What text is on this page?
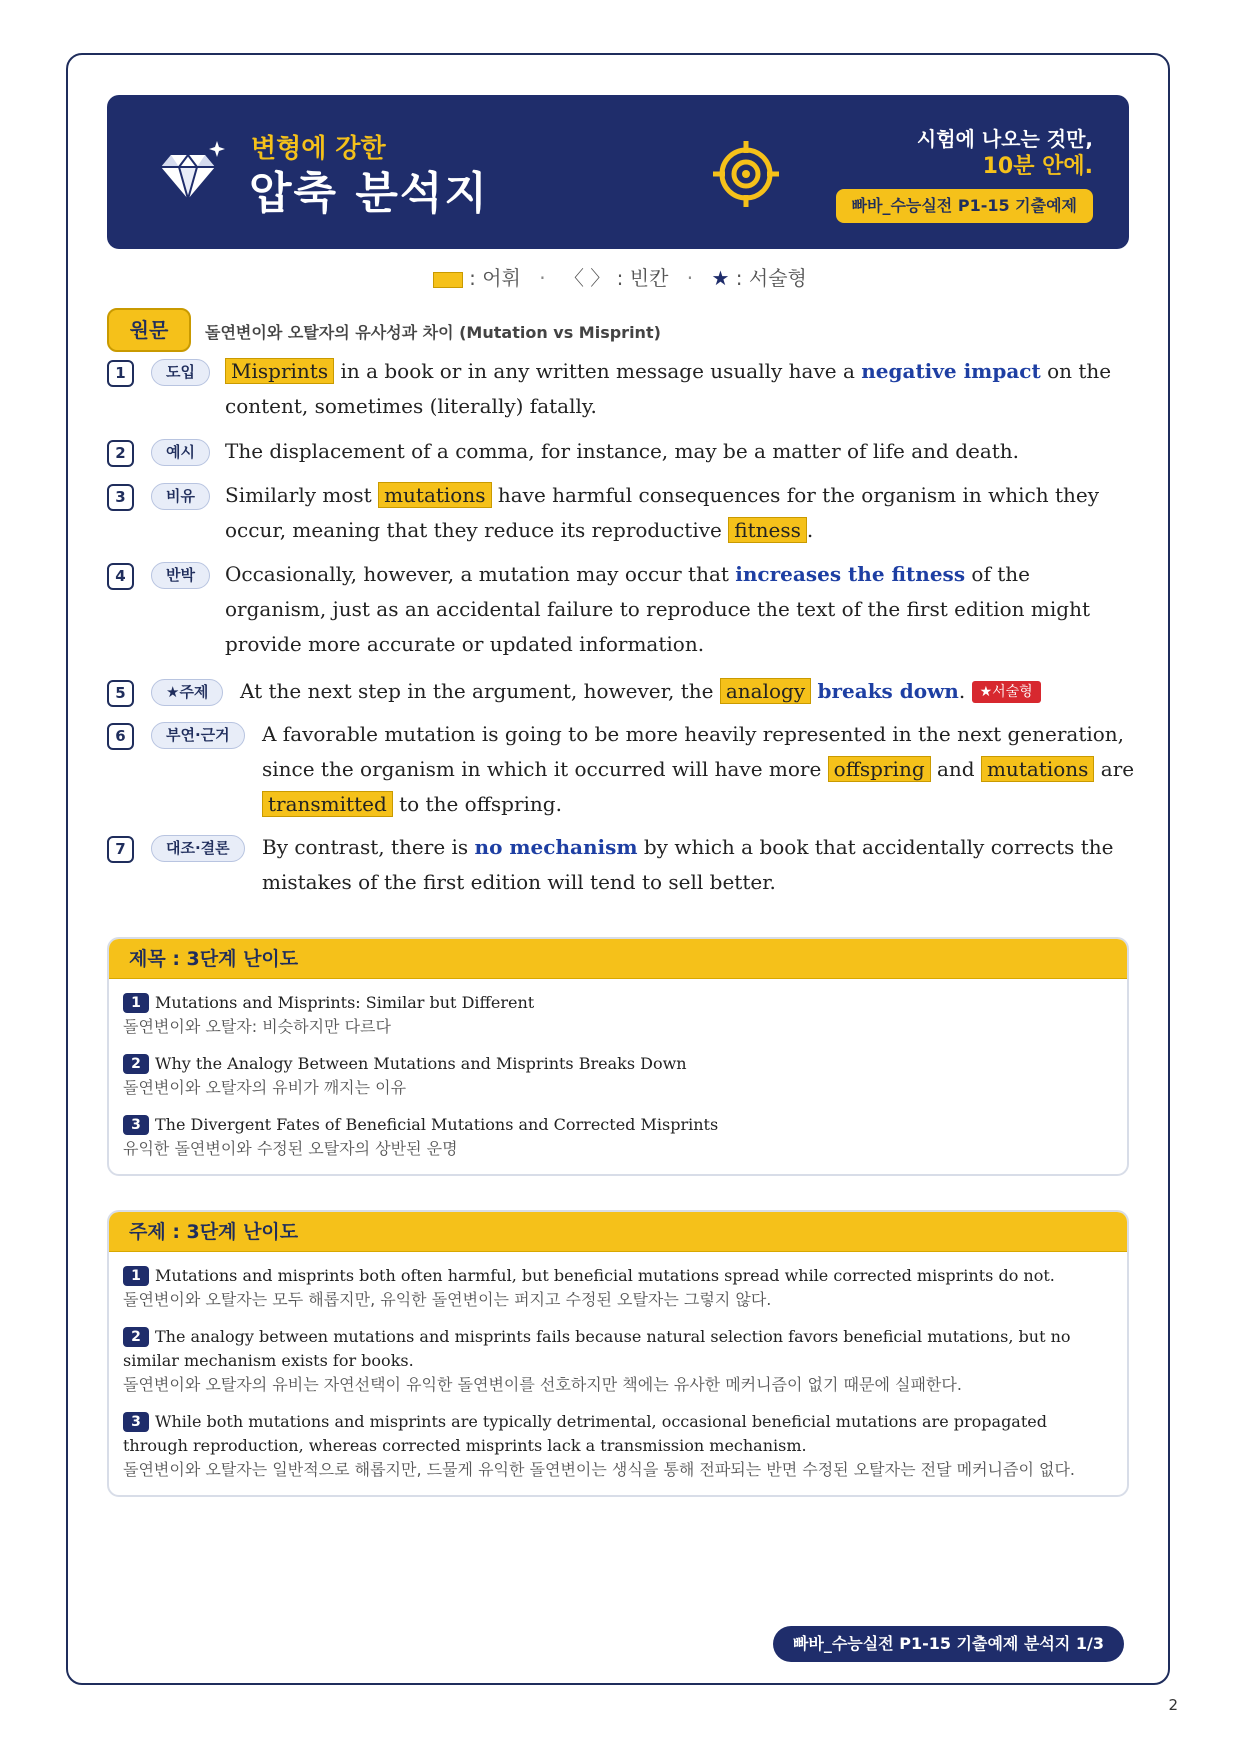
변형에 강한
압축 분석지
시험에 나오는 것만,
10분 안에.
빠바_수능실전 P1-15 기출예제
: 어휘 · 〈 〉 : 빈칸 · ★ : 서술형
원문	돌연변이와 오탈자의 유사성과 차이 (Mutation vs Misprint)
1	도입	Misprints in a book or in any written message usually have a negative impact on the content, sometimes (literally) fatally.
2	예시	The displacement of a comma, for instance, may be a matter of life and death.
3	비유	Similarly most mutations have harmful consequences for the organism in which they occur, meaning that they reduce its reproductive fitness .
4	반박	Occasionally, however, a mutation may occur that increases the fitness of the organism, just as an accidental failure to reproduce the text of the first edition might provide more accurate or updated information.
5	★주제	At the next step in the argument, however, the analogy breaks down. ★서술형
6	부연·근거	A favorable mutation is going to be more heavily represented in the next generation, since the organism in which it occurred will have more offspring and mutations are transmitted to the offspring.
7	대조·결론	By contrast, there is no mechanism by which a book that accidentally corrects the mistakes of the first edition will tend to sell better.
제목 : 3단계 난이도
1 Mutations and Misprints: Similar but Different
돌연변이와 오탈자: 비슷하지만 다르다
2 Why the Analogy Between Mutations and Misprints Breaks Down
돌연변이와 오탈자의 유비가 깨지는 이유
3 The Divergent Fates of Beneficial Mutations and Corrected Misprints
유익한 돌연변이와 수정된 오탈자의 상반된 운명
주제 : 3단계 난이도
1 Mutations and misprints both often harmful, but beneficial mutations spread while corrected misprints do not.
돌연변이와 오탈자는 모두 해롭지만, 유익한 돌연변이는 퍼지고 수정된 오탈자는 그렇지 않다.
2 The analogy between mutations and misprints fails because natural selection favors beneficial mutations, but no similar mechanism exists for books.
돌연변이와 오탈자의 유비는 자연선택이 유익한 돌연변이를 선호하지만 책에는 유사한 메커니즘이 없기 때문에 실패한다.
3 While both mutations and misprints are typically detrimental, occasional beneficial mutations are propagated through reproduction, whereas corrected misprints lack a transmission mechanism.
돌연변이와 오탈자는 일반적으로 해롭지만, 드물게 유익한 돌연변이는 생식을 통해 전파되는 반면 수정된 오탈자는 전달 메커니즘이 없다.
빠바_수능실전 P1-15 기출예제 분석지 1/3
2
